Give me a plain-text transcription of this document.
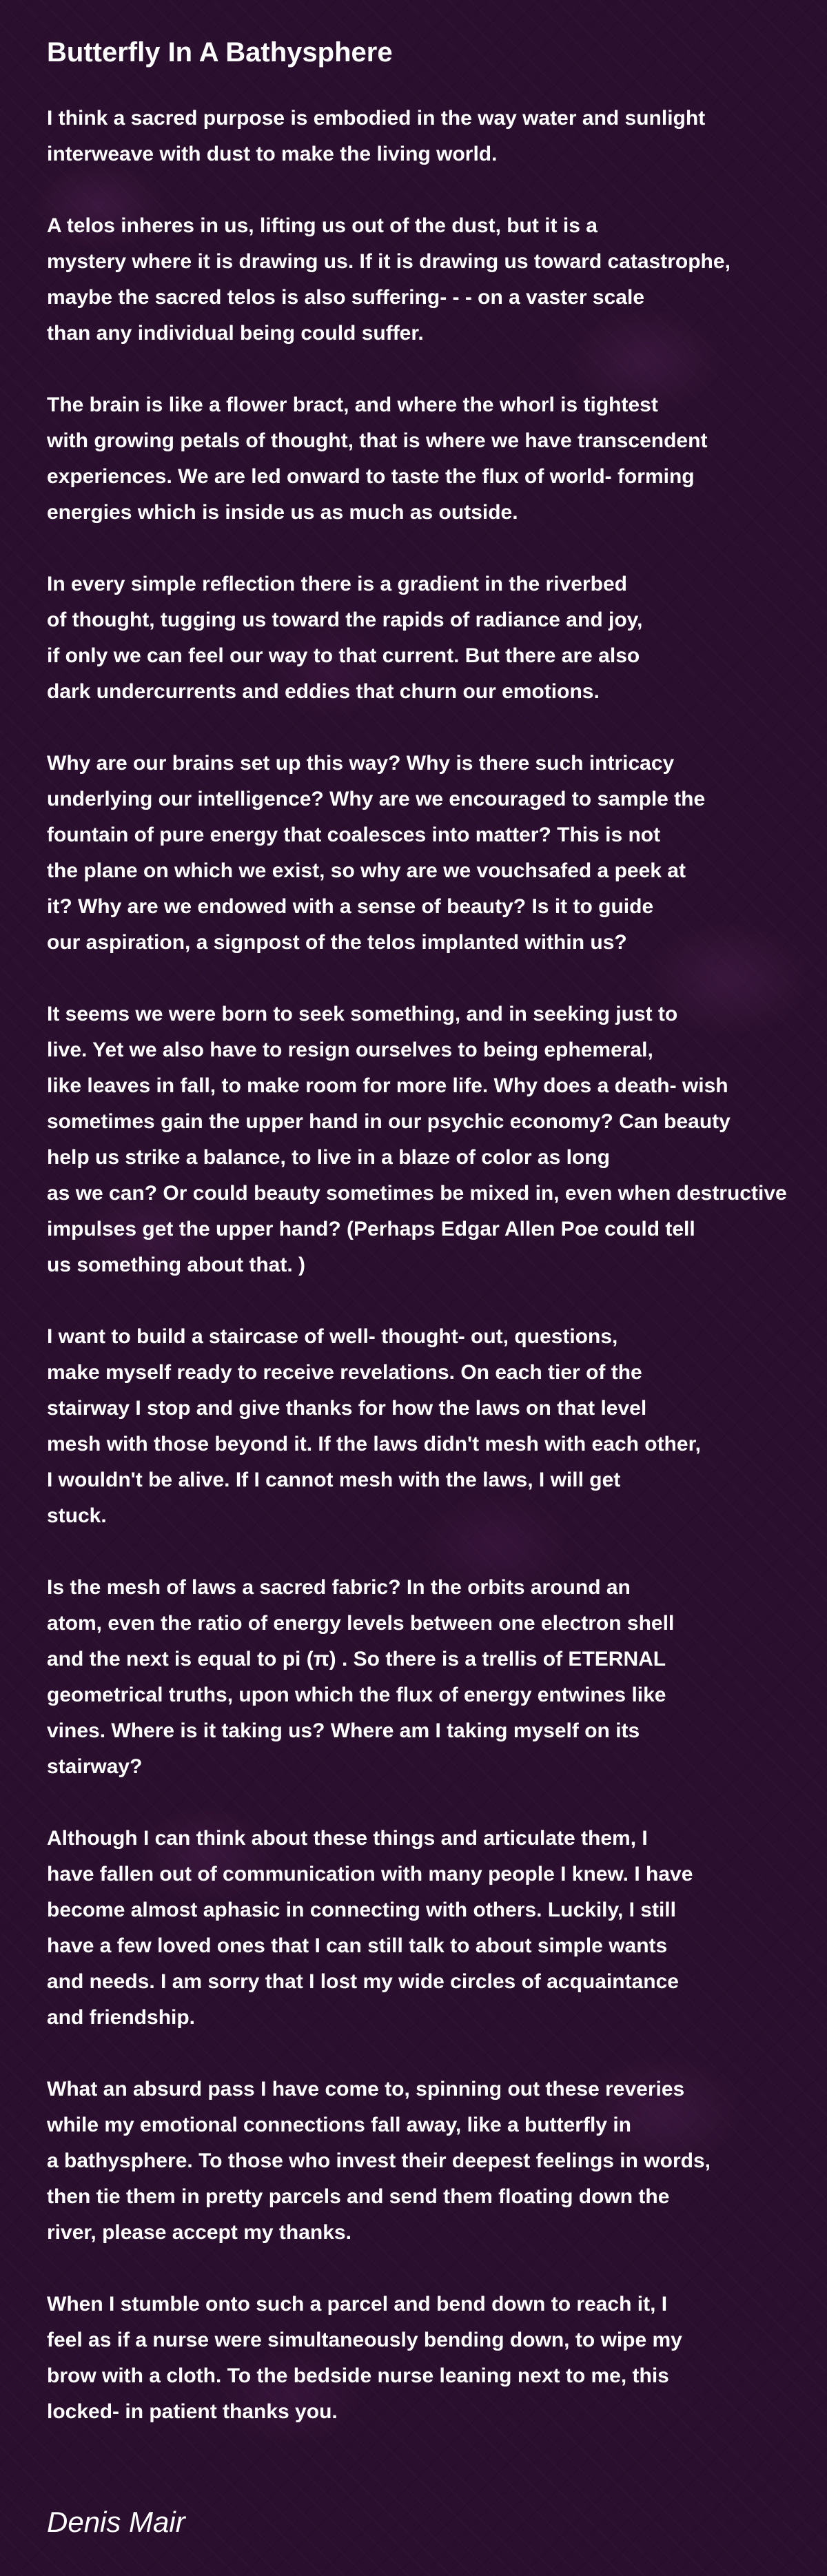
Butterfly In A Bathysphere
I think a sacred purpose is embodied in the way water and sunlight
interweave with dust to make the living world.
A telos inheres in us, lifting us out of the dust, but it is a
mystery where it is drawing us. If it is drawing us toward catastrophe,
maybe the sacred telos is also suffering- - - on a vaster scale
than any individual being could suffer.
The brain is like a flower bract, and where the whorl is tightest
with growing petals of thought, that is where we have transcendent
experiences. We are led onward to taste the flux of world- forming
energies which is inside us as much as outside.
In every simple reflection there is a gradient in the riverbed
of thought, tugging us toward the rapids of radiance and joy,
if only we can feel our way to that current. But there are also
dark undercurrents and eddies that churn our emotions.
Why are our brains set up this way? Why is there such intricacy
underlying our intelligence? Why are we encouraged to sample the
fountain of pure energy that coalesces into matter? This is not
the plane on which we exist, so why are we vouchsafed a peek at
it? Why are we endowed with a sense of beauty? Is it to guide
our aspiration, a signpost of the telos implanted within us?
It seems we were born to seek something, and in seeking just to
live. Yet we also have to resign ourselves to being ephemeral,
like leaves in fall, to make room for more life. Why does a death- wish
sometimes gain the upper hand in our psychic economy? Can beauty
help us strike a balance, to live in a blaze of color as long
as we can? Or could beauty sometimes be mixed in, even when destructive
impulses get the upper hand? (Perhaps Edgar Allen Poe could tell
us something about that. )
I want to build a staircase of well- thought- out, questions,
make myself ready to receive revelations. On each tier of the
stairway I stop and give thanks for how the laws on that level
mesh with those beyond it. If the laws didn't mesh with each other,
I wouldn't be alive. If I cannot mesh with the laws, I will get
stuck.
Is the mesh of laws a sacred fabric? In the orbits around an
atom, even the ratio of energy levels between one electron shell
and the next is equal to pi (π) . So there is a trellis of ETERNAL
geometrical truths, upon which the flux of energy entwines like
vines. Where is it taking us? Where am I taking myself on its
stairway?
Although I can think about these things and articulate them, I
have fallen out of communication with many people I knew. I have
become almost aphasic in connecting with others. Luckily, I still
have a few loved ones that I can still talk to about simple wants
and needs. I am sorry that I lost my wide circles of acquaintance
and friendship.
What an absurd pass I have come to, spinning out these reveries
while my emotional connections fall away, like a butterfly in
a bathysphere. To those who invest their deepest feelings in words,
then tie them in pretty parcels and send them floating down the
river, please accept my thanks.
When I stumble onto such a parcel and bend down to reach it, I
feel as if a nurse were simultaneously bending down, to wipe my
brow with a cloth. To the bedside nurse leaning next to me, this
locked- in patient thanks you.
Denis Mair
